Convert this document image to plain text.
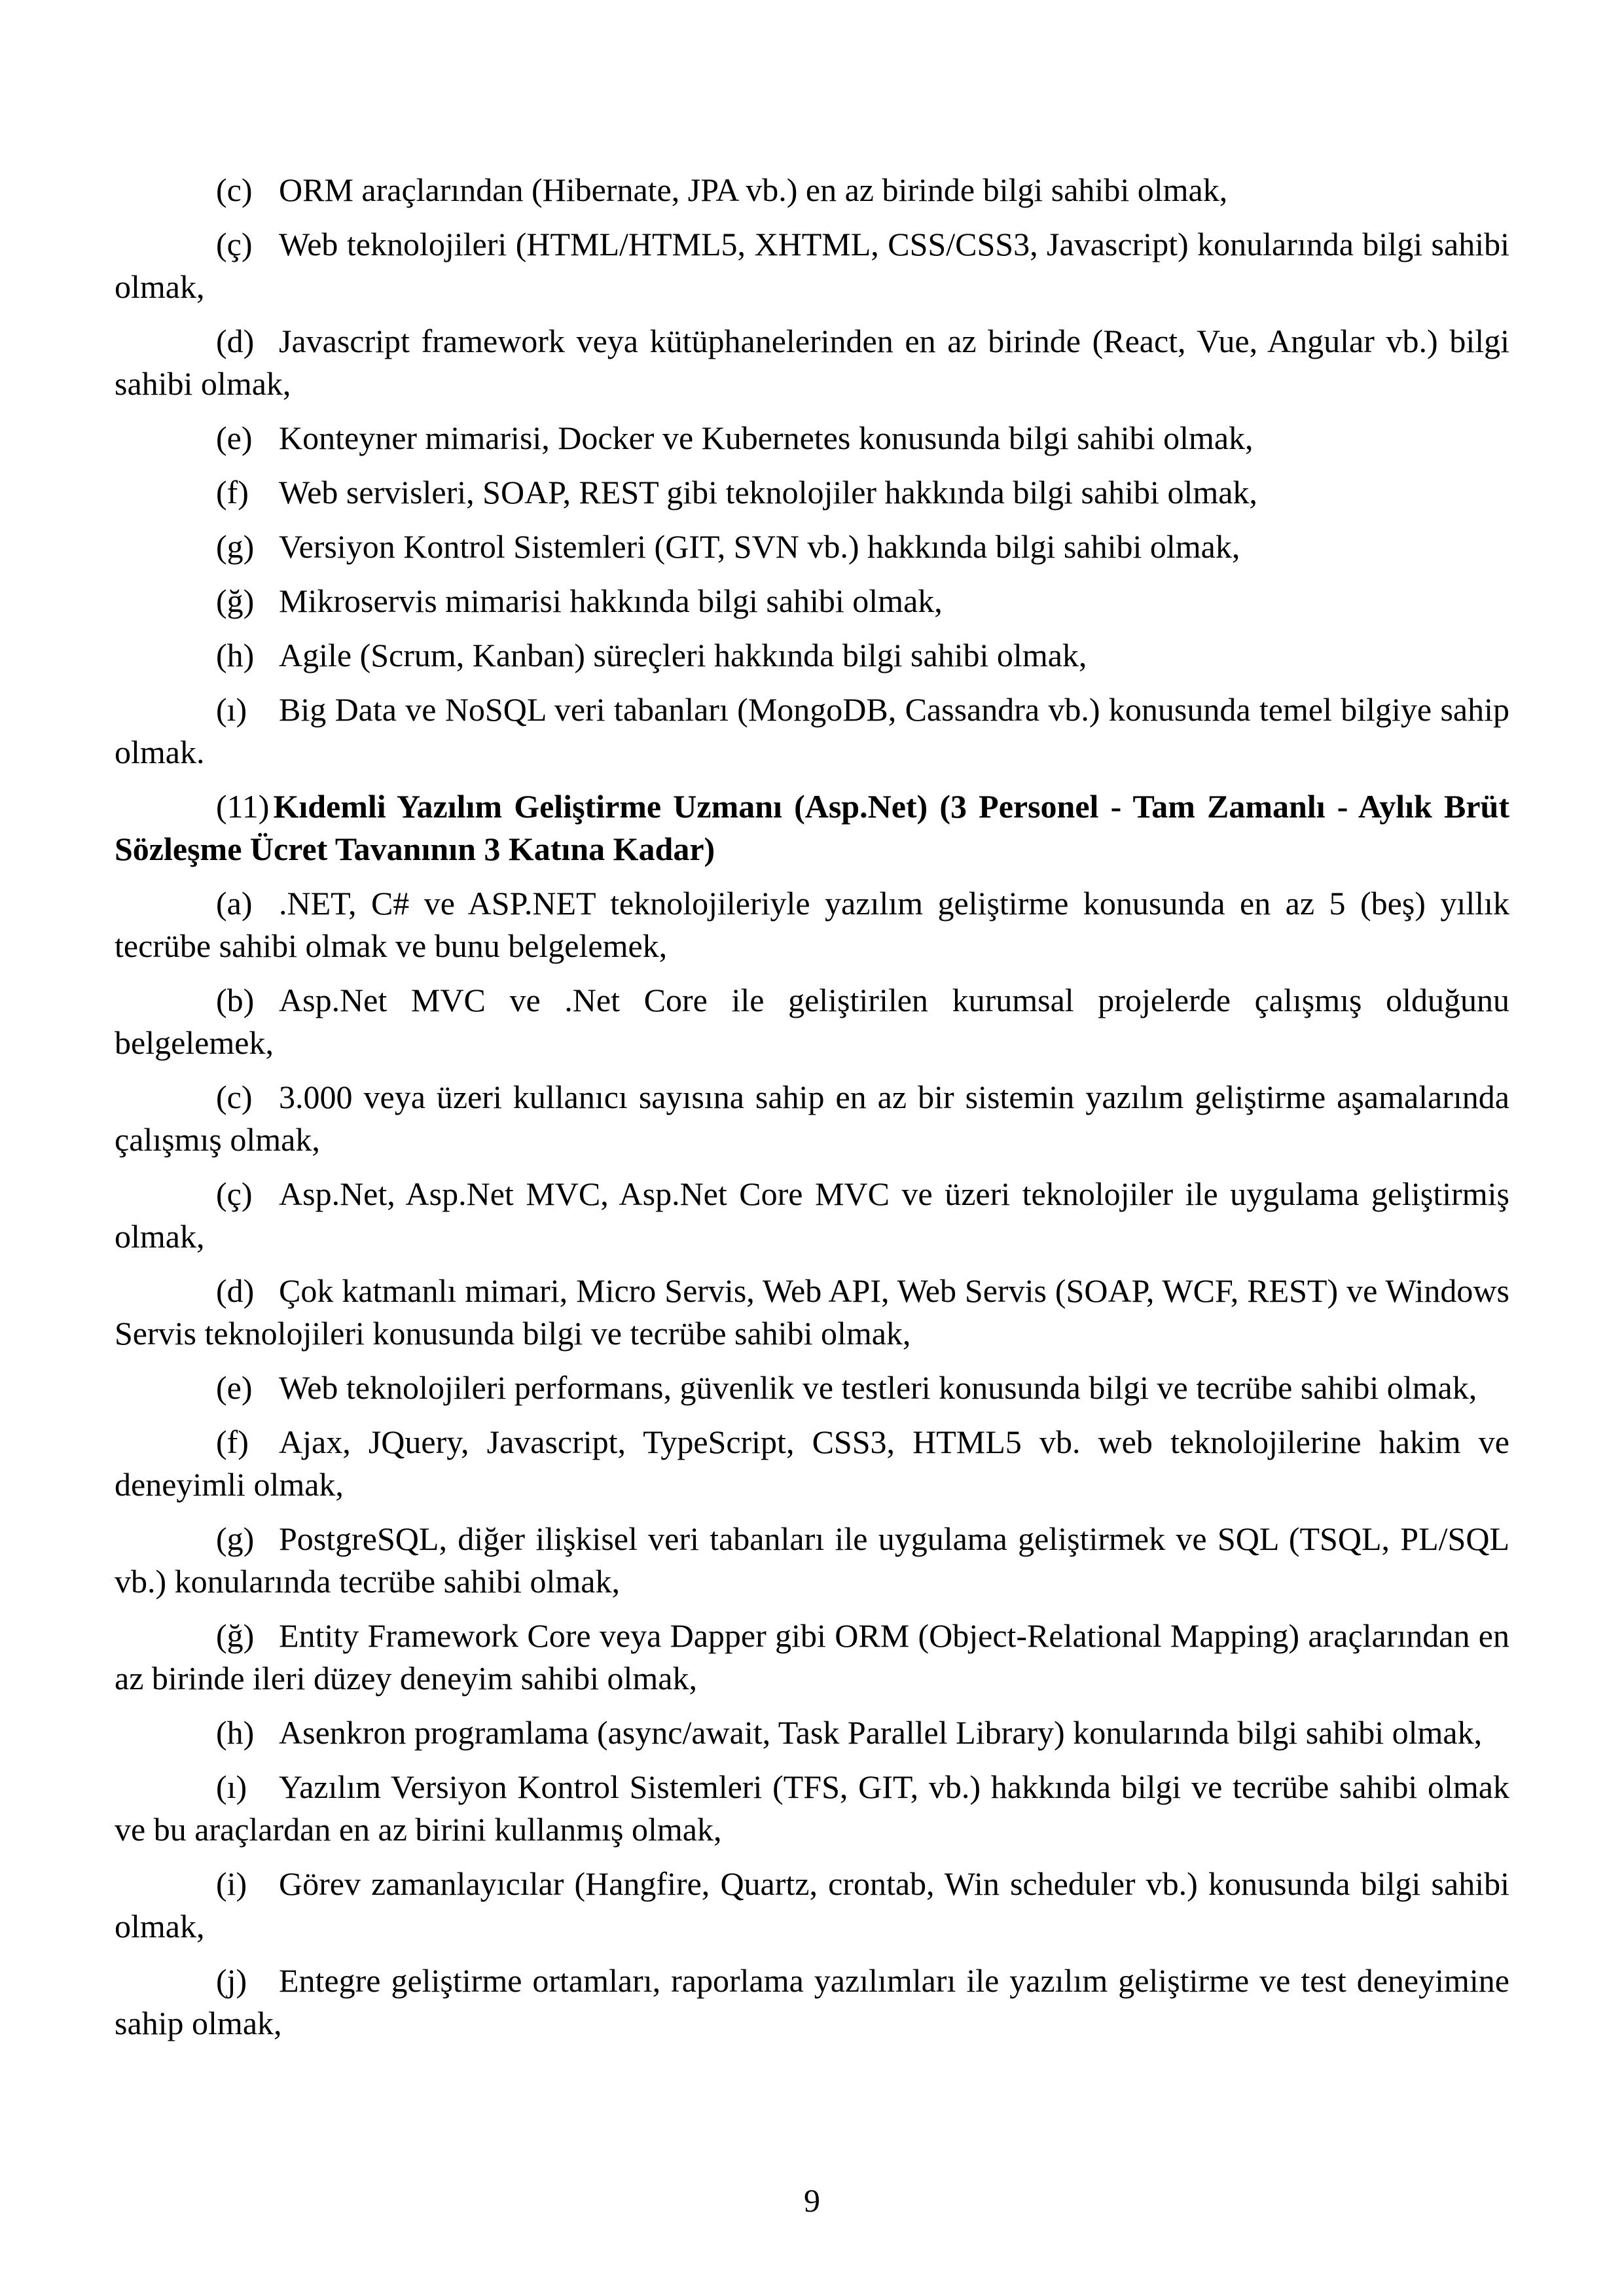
(c) ORM araçlarından (Hibernate, JPA vb.) en az birinde bilgi sahibi olmak,

(ç) Web teknolojileri (HTML/HTML5, XHTML, CSS/CSS3, Javascript) konularında bilgi sahibi olmak,

(d) Javascript framework veya kütüphanelerinden en az birinde (React, Vue, Angular vb.) bilgi sahibi olmak,

(e) Konteyner mimarisi, Docker ve Kubernetes konusunda bilgi sahibi olmak,

(f) Web servisleri, SOAP, REST gibi teknolojiler hakkında bilgi sahibi olmak,

(g) Versiyon Kontrol Sistemleri (GIT, SVN vb.) hakkında bilgi sahibi olmak,

(ğ) Mikroservis mimarisi hakkında bilgi sahibi olmak,

(h) Agile (Scrum, Kanban) süreçleri hakkında bilgi sahibi olmak,

(ı) Big Data ve NoSQL veri tabanları (MongoDB, Cassandra vb.) konusunda temel bilgiye sahip olmak.

(11) Kıdemli Yazılım Geliştirme Uzmanı (Asp.Net) (3 Personel - Tam Zamanlı - Aylık Brüt Sözleşme Ücret Tavanının 3 Katına Kadar)

(a) .NET, C# ve ASP.NET teknolojileriyle yazılım geliştirme konusunda en az 5 (beş) yıllık tecrübe sahibi olmak ve bunu belgelemek,

(b) Asp.Net MVC ve .Net Core ile geliştirilen kurumsal projelerde çalışmış olduğunu belgelemek,

(c) 3.000 veya üzeri kullanıcı sayısına sahip en az bir sistemin yazılım geliştirme aşamalarında çalışmış olmak,

(ç) Asp.Net, Asp.Net MVC, Asp.Net Core MVC ve üzeri teknolojiler ile uygulama geliştirmiş olmak,

(d) Çok katmanlı mimari, Micro Servis, Web API, Web Servis (SOAP, WCF, REST) ve Windows Servis teknolojileri konusunda bilgi ve tecrübe sahibi olmak,

(e) Web teknolojileri performans, güvenlik ve testleri konusunda bilgi ve tecrübe sahibi olmak,

(f) Ajax, JQuery, Javascript, TypeScript, CSS3, HTML5 vb. web teknolojilerine hakim ve deneyimli olmak,

(g) PostgreSQL, diğer ilişkisel veri tabanları ile uygulama geliştirmek ve SQL (TSQL, PL/SQL vb.) konularında tecrübe sahibi olmak,

(ğ) Entity Framework Core veya Dapper gibi ORM (Object-Relational Mapping) araçlarından en az birinde ileri düzey deneyim sahibi olmak,

(h) Asenkron programlama (async/await, Task Parallel Library) konularında bilgi sahibi olmak,

(ı) Yazılım Versiyon Kontrol Sistemleri (TFS, GIT, vb.) hakkında bilgi ve tecrübe sahibi olmak ve bu araçlardan en az birini kullanmış olmak,

(i) Görev zamanlayıcılar (Hangfire, Quartz, crontab, Win scheduler vb.) konusunda bilgi sahibi olmak,

(j) Entegre geliştirme ortamları, raporlama yazılımları ile yazılım geliştirme ve test deneyimine sahip olmak,

9
